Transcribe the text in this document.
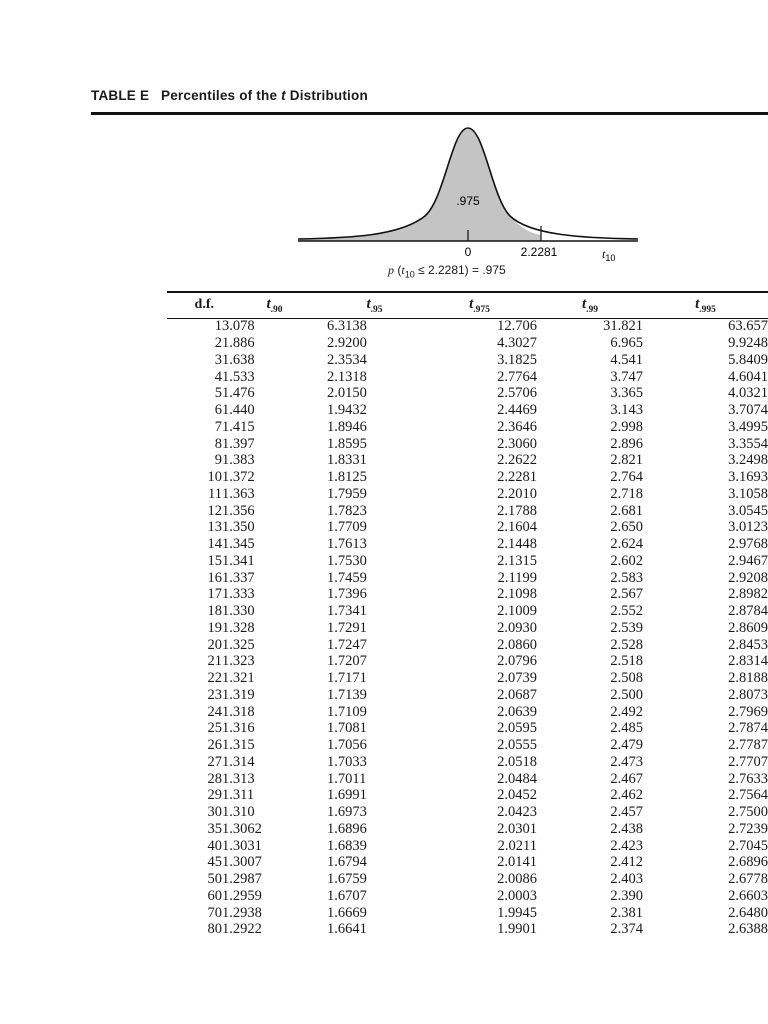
TABLE E Percentiles of the t Distribution
.975
0	2.2281	$t_{10}$
p $(t_{10} \le 2.2281) = .975$
d.f.	$t_{.90}$	$t_{.95}$	$t_{.975}$	$t_{.99}$	$t_{.995}$
1	3.078	6.3138	12.706	31.821	63.657
2	1.886	2.9200	4.3027	6.965	9.9248
3	1.638	2.3534	3.1825	4.541	5.8409
4	1.533	2.1318	2.7764	3.747	4.6041
5	1.476	2.0150	2.5706	3.365	4.0321
6	1.440	1.9432	2.4469	3.143	3.7074
7	1.415	1.8946	2.3646	2.998	3.4995
8	1.397	1.8595	2.3060	2.896	3.3554
9	1.383	1.8331	2.2622	2.821	3.2498
10	1.372	1.8125	2.2281	2.764	3.1693
11	1.363	1.7959	2.2010	2.718	3.1058
12	1.356	1.7823	2.1788	2.681	3.0545
13	1.350	1.7709	2.1604	2.650	3.0123
14	1.345	1.7613	2.1448	2.624	2.9768
15	1.341	1.7530	2.1315	2.602	2.9467
16	1.337	1.7459	2.1199	2.583	2.9208
17	1.333	1.7396	2.1098	2.567	2.8982
18	1.330	1.7341	2.1009	2.552	2.8784
19	1.328	1.7291	2.0930	2.539	2.8609
20	1.325	1.7247	2.0860	2.528	2.8453
21	1.323	1.7207	2.0796	2.518	2.8314
22	1.321	1.7171	2.0739	2.508	2.8188
23	1.319	1.7139	2.0687	2.500	2.8073
24	1.318	1.7109	2.0639	2.492	2.7969
25	1.316	1.7081	2.0595	2.485	2.7874
26	1.315	1.7056	2.0555	2.479	2.7787
27	1.314	1.7033	2.0518	2.473	2.7707
28	1.313	1.7011	2.0484	2.467	2.7633
29	1.311	1.6991	2.0452	2.462	2.7564
30	1.310	1.6973	2.0423	2.457	2.7500
35	1.3062	1.6896	2.0301	2.438	2.7239
40	1.3031	1.6839	2.0211	2.423	2.7045
45	1.3007	1.6794	2.0141	2.412	2.6896
50	1.2987	1.6759	2.0086	2.403	2.6778
60	1.2959	1.6707	2.0003	2.390	2.6603
70	1.2938	1.6669	1.9945	2.381	2.6480
80	1.2922	1.6641	1.9901	2.374	2.6388
